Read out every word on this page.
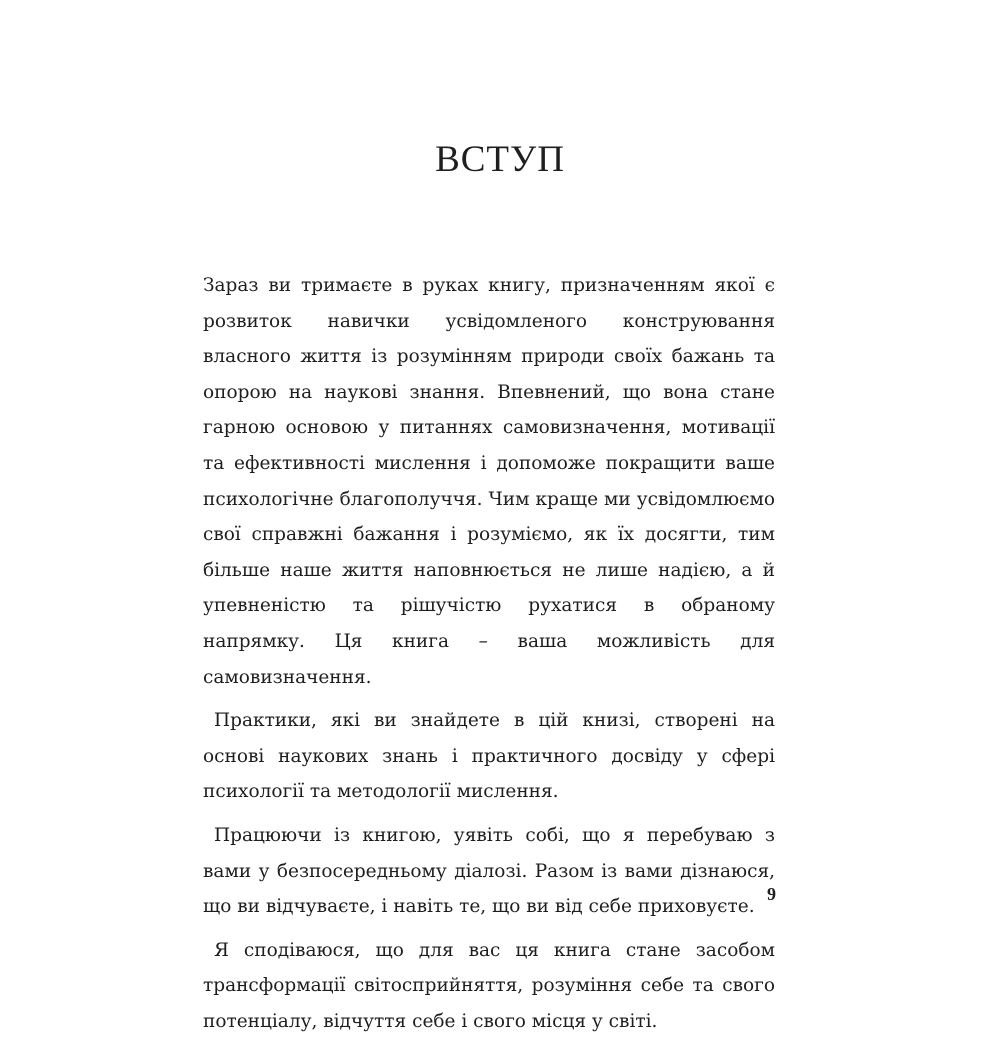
ВСТУП

Зараз ви тримаєте в руках книгу, призначенням якої є розвиток навички усвідомленого конструювання власного життя із розумінням природи своїх бажань та опорою на наукові знання. Впевнений, що вона стане гарною основою у питаннях самовизначення, мотивації та ефективності мислення і допоможе покращити ваше психологічне благополуччя. Чим краще ми усвідомлюємо свої справжні бажання і розуміємо, як їх досягти, тим більше наше життя наповнюється не лише надією, а й упевненістю та рішучістю рухатися в обраному напрямку. Ця книга – ваша можливість для самовизначення.

Практики, які ви знайдете в цій книзі, створені на основі наукових знань і практичного досвіду у сфері психології та методології мислення.

Працюючи із книгою, уявіть собі, що я перебуваю з вами у безпосередньому діалозі. Разом із вами дізнаюся, що ви відчуваєте, і навіть те, що ви від себе приховуєте.

Я сподіваюся, що для вас ця книга стане засобом трансформації світосприйняття, розуміння себе та свого потенціалу, відчуття себе і свого місця у світі.

9
